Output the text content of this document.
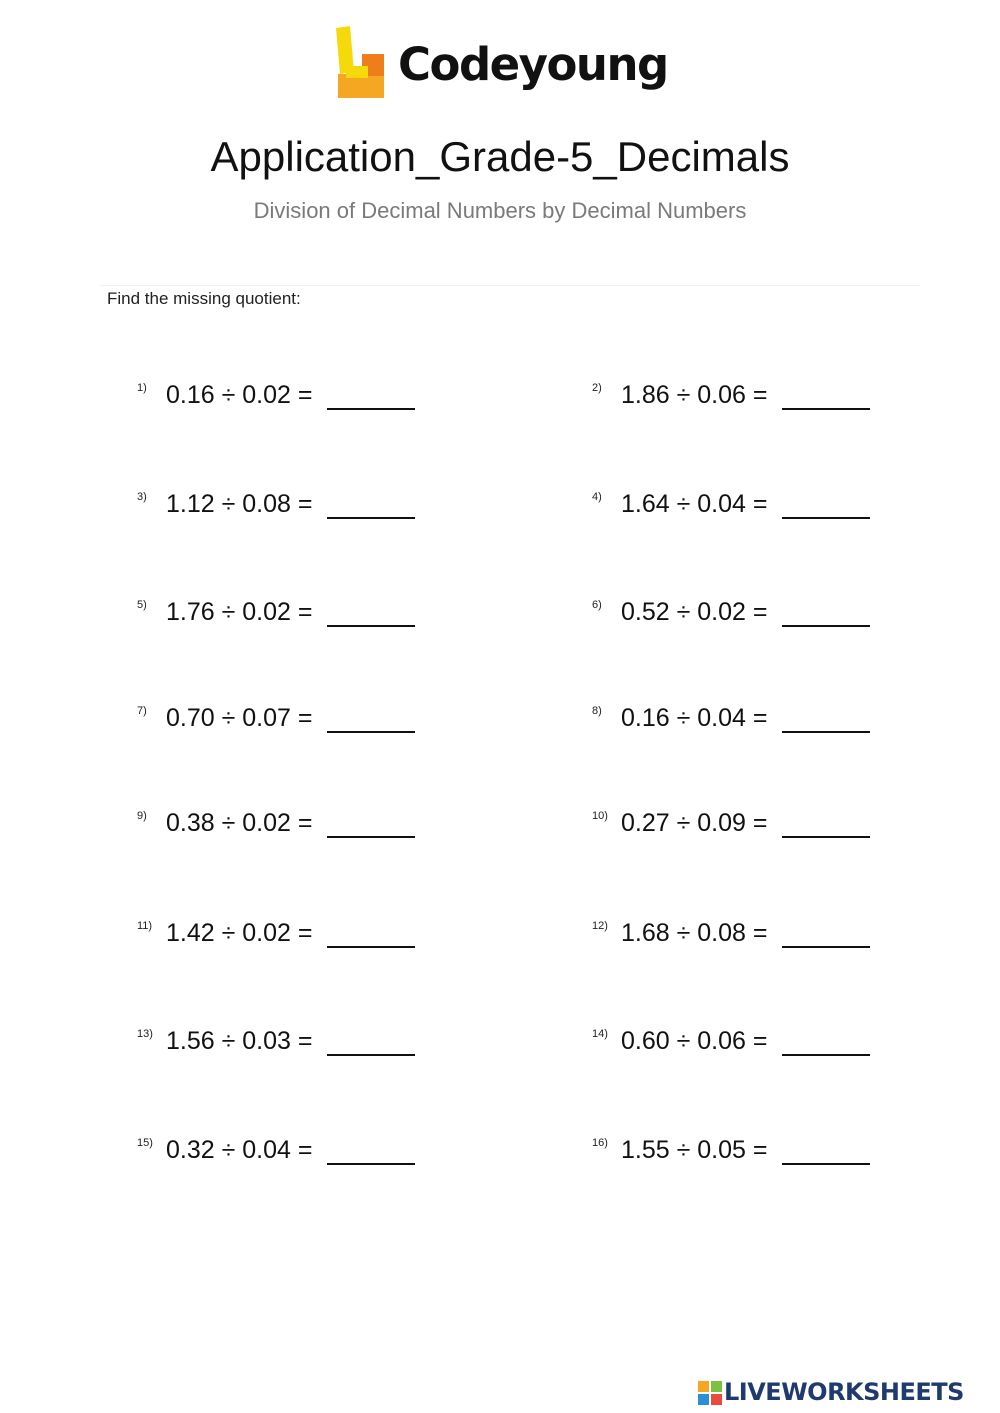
Codeyoung
Application_Grade-5_Decimals
Division of Decimal Numbers by Decimal Numbers
Find the missing quotient:
1) 0.16 ÷ 0.02 =	2) 1.86 ÷ 0.06 =
3) 1.12 ÷ 0.08 =	4) 1.64 ÷ 0.04 =
5) 1.76 ÷ 0.02 =	6) 0.52 ÷ 0.02 =
7) 0.70 ÷ 0.07 =	8) 0.16 ÷ 0.04 =
9) 0.38 ÷ 0.02 =	10) 0.27 ÷ 0.09 =
11) 1.42 ÷ 0.02 =	12) 1.68 ÷ 0.08 =
13) 1.56 ÷ 0.03 =	14) 0.60 ÷ 0.06 =
15) 0.32 ÷ 0.04 =	16) 1.55 ÷ 0.05 =
LIVEWORKSHEETS
